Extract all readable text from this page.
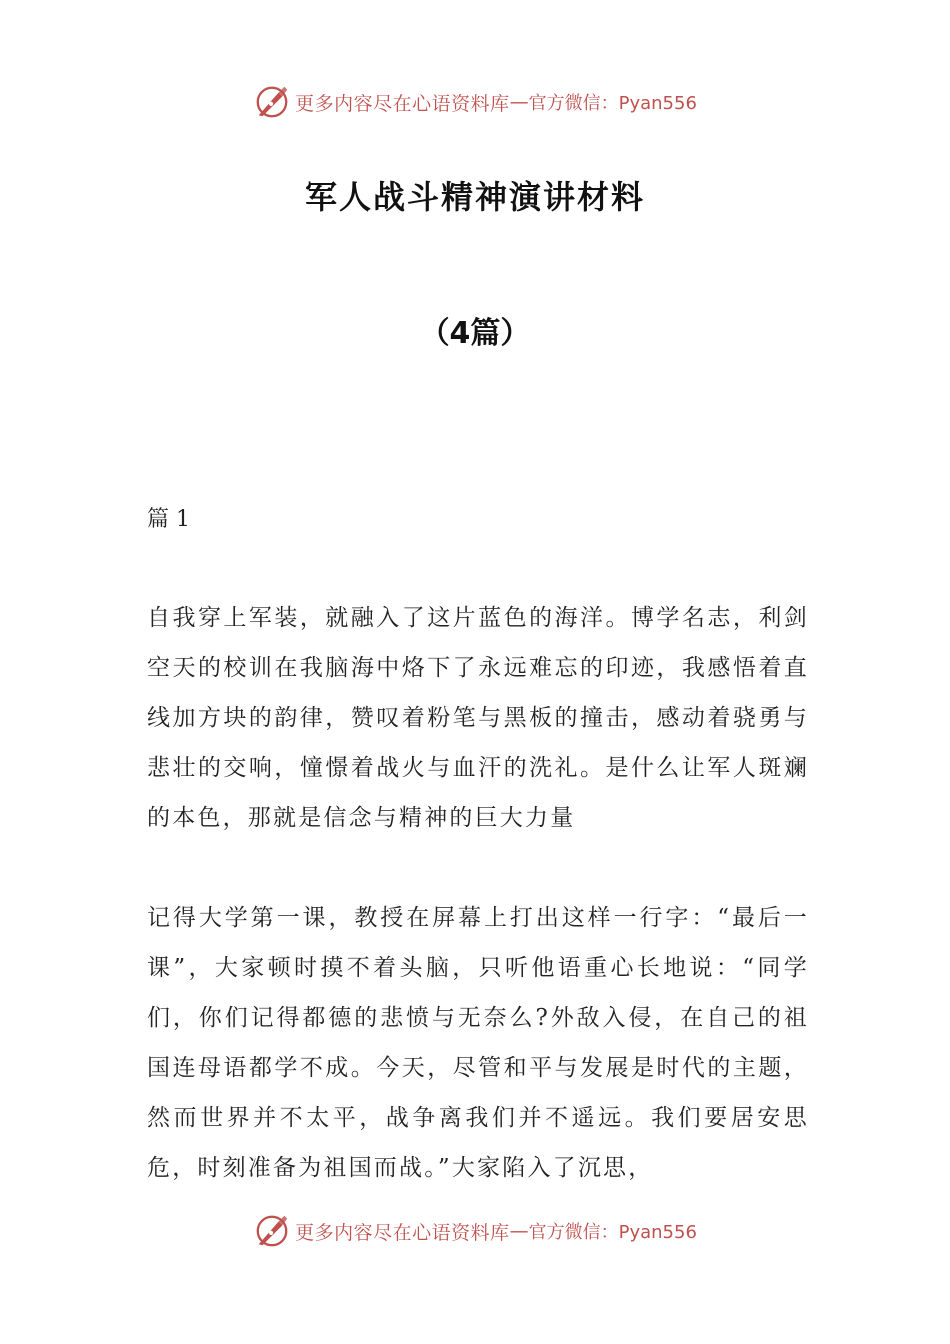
更多内容尽在心语资料库 — 官方微信：Pyan556
军人战斗精神演讲材料
（4篇）
篇 1

自我穿上军装，就融入了这片蓝色的海洋。博学名志，利剑空天的校训在我脑海中烙下了永远难忘的印迹，我感悟着直线加方块的韵律，赞叹着粉笔与黑板的撞击，感动着骁勇与悲壮的交响，憧憬着战火与血汗的洗礼。是什么让军人斑斓的本色，那就是信念与精神的巨大力量

记得大学第一课，教授在屏幕上打出这样一行字：“最后一课”，大家顿时摸不着头脑，只听他语重心长地说：“同学们，你们记得都德的悲愤与无奈么?外敌入侵，在自己的祖国连母语都学不成。今天，尽管和平与发展是时代的主题，然而世界并不太平，战争离我们并不遥远。我们要居安思危，时刻准备为祖国而战。”大家陷入了沉思，

更多内容尽在心语资料库 — 官方微信：Pyan556
